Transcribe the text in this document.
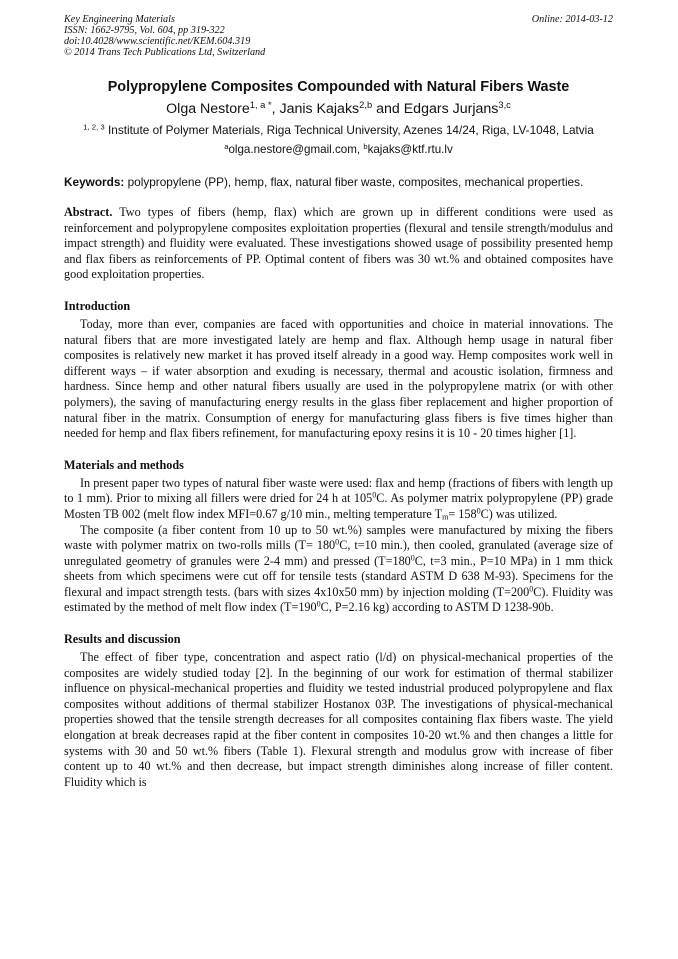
Key Engineering Materials
ISSN: 1662-9795, Vol. 604, pp 319-322
doi:10.4028/www.scientific.net/KEM.604.319
© 2014 Trans Tech Publications Ltd, Switzerland
Online: 2014-03-12
Polypropylene Composites Compounded with Natural Fibers Waste
Olga Nestore$^{1, a *}$, Janis Kajaks$^{2,b}$ and Edgars Jurjans$^{3,c}$
$^{1, 2, 3}$ Institute of Polymer Materials, Riga Technical University, Azenes 14/24, Riga, LV-1048, Latvia
$^a$olga.nestore@gmail.com, $^b$kajaks@ktf.rtu.lv
Keywords: polypropylene (PP), hemp, flax, natural fiber waste, composites, mechanical properties.
Abstract. Two types of fibers (hemp, flax) which are grown up in different conditions were used as reinforcement and polypropylene composites exploitation properties (flexural and tensile strength/modulus and impact strength) and fluidity were evaluated. These investigations showed usage of possibility presented hemp and flax fibers as reinforcements of PP. Optimal content of fibers was 30 wt.% and obtained composites have good exploitation properties.
Introduction

Today, more than ever, companies are faced with opportunities and choice in material innovations. The natural fibers that are more investigated lately are hemp and flax. Although hemp usage in natural fiber composites is relatively new market it has proved itself already in a good way. Hemp composites work well in different ways – if water absorption and exuding is necessary, thermal and acoustic isolation, firmness and hardness. Since hemp and other natural fibers usually are used in the polypropylene matrix (or with other polymers), the saving of manufacturing energy results in the glass fiber replacement and higher proportion of natural fiber in the matrix. Consumption of energy for manufacturing glass fibers is five times higher than needed for hemp and flax fibers refinement, for manufacturing epoxy resins it is 10 - 20 times higher [1].

Materials and methods

In present paper two types of natural fiber waste were used: flax and hemp (fractions of fibers with length up to 1 mm). Prior to mixing all fillers were dried for 24 h at $105^0C$. As polymer matrix polypropylene (PP) grade Mosten TB 002 (melt flow index MFI=0.67 g/10 min., melting temperature $T_m= 158^0C$) was utilized.

The composite (a fiber content from 10 up to 50 wt.%) samples were manufactured by mixing the fibers waste with polymer matrix on two-rolls mills ($T= 180^0C$, t=10 min.), then cooled, granulated (average size of unregulated geometry of granules were 2-4 mm) and pressed ($T=180^0C$, t=3 min., P=10 MPa) in 1 mm thick sheets from which specimens were cut off for tensile tests (standard ASTM D 638 M-93). Specimens for the flexural and impact strength tests. (bars with sizes 4x10x50 mm) by injection molding $(T=200^0C)$. Fluidity was estimated by the method of melt flow index ($T=190^0C$, P=2.16 kg) according to ASTM D 1238-90b.

Results and discussion

The effect of fiber type, concentration and aspect ratio (l/d) on physical-mechanical properties of the composites are widely studied today [2]. In the beginning of our work for estimation of thermal stabilizer influence on physical-mechanical properties and fluidity we tested industrial produced polypropylene and flax composites without additions of thermal stabilizer Hostanox 03P. The investigations of physical-mechanical properties showed that the tensile strength decreases for all composites containing flax fibers waste. The yield elongation at break decreases rapid at the fiber content in composites 10-20 wt.% and then changes a little for systems with 30 and 50 wt.% fibers (Table 1). Flexural strength and modulus grow with increase of fiber content up to 40 wt.% and then decrease, but impact strength diminishes along increase of filler content. Fluidity which is
